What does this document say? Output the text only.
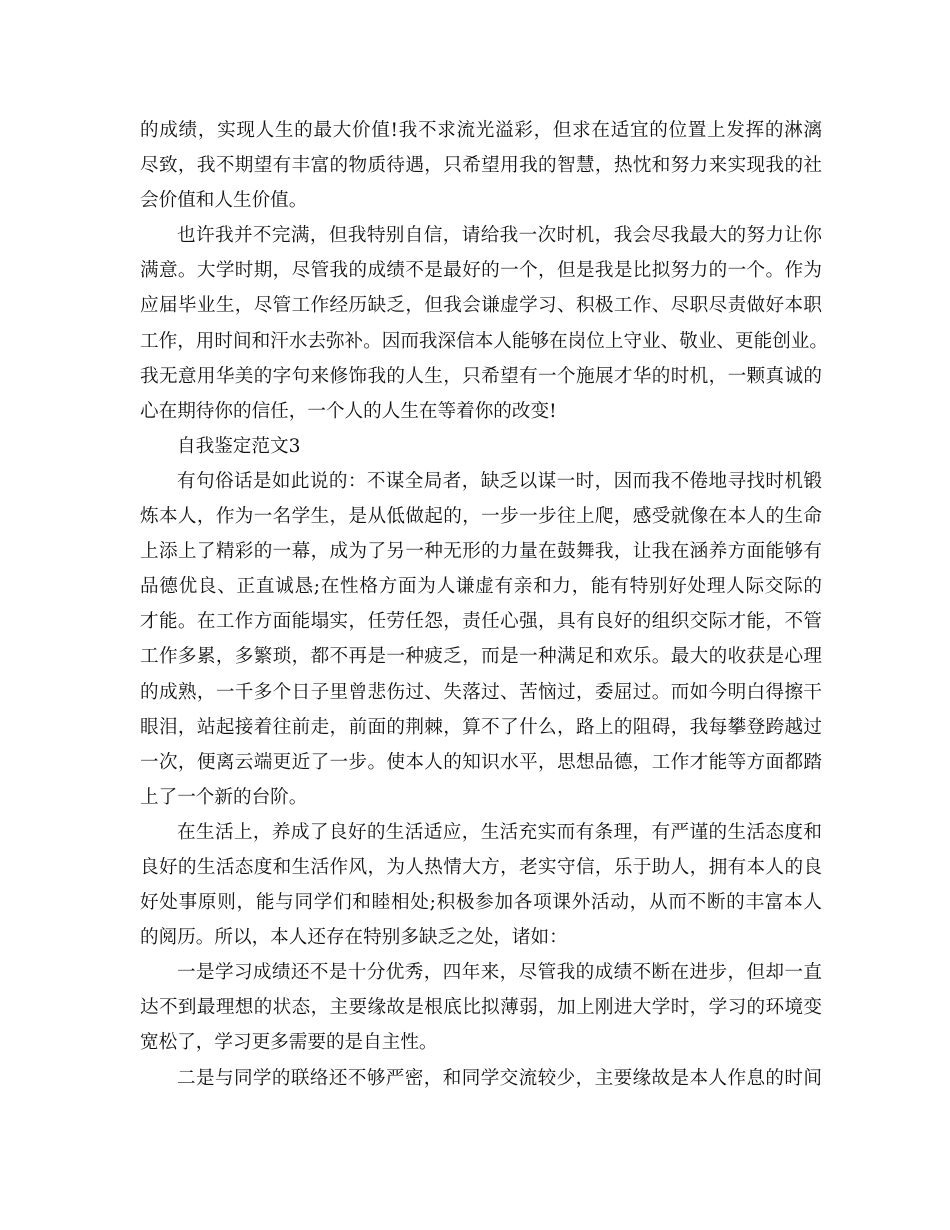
的成绩，实现人生的最大价值!我不求流光溢彩，但求在适宜的位置上发挥的淋漓
尽致，我不期望有丰富的物质待遇，只希望用我的智慧，热忱和努力来实现我的社
会价值和人生价值。
也许我并不完满，但我特别自信，请给我一次时机，我会尽我最大的努力让你
满意。大学时期，尽管我的成绩不是最好的一个，但是我是比拟努力的一个。作为
应届毕业生，尽管工作经历缺乏，但我会谦虚学习、积极工作、尽职尽责做好本职
工作，用时间和汗水去弥补。因而我深信本人能够在岗位上守业、敬业、更能创业。
我无意用华美的字句来修饰我的人生，只希望有一个施展才华的时机，一颗真诚的
心在期待你的信任，一个人的人生在等着你的改变!
自我鉴定范文3
有句俗话是如此说的：不谋全局者，缺乏以谋一时，因而我不倦地寻找时机锻
炼本人，作为一名学生，是从低做起的，一步一步往上爬，感受就像在本人的生命
上添上了精彩的一幕，成为了另一种无形的力量在鼓舞我，让我在涵养方面能够有
品德优良、正直诚恳;在性格方面为人谦虚有亲和力，能有特别好处理人际交际的
才能。在工作方面能塌实，任劳任怨，责任心强，具有良好的组织交际才能，不管
工作多累，多繁琐，都不再是一种疲乏，而是一种满足和欢乐。最大的收获是心理
的成熟，一千多个日子里曾悲伤过、失落过、苦恼过，委屈过。而如今明白得擦干
眼泪，站起接着往前走，前面的荆棘，算不了什么，路上的阻碍，我每攀登跨越过
一次，便离云端更近了一步。使本人的知识水平，思想品德，工作才能等方面都踏
上了一个新的台阶。
在生活上，养成了良好的生活适应，生活充实而有条理，有严谨的生活态度和
良好的生活态度和生活作风，为人热情大方，老实守信，乐于助人，拥有本人的良
好处事原则，能与同学们和睦相处;积极参加各项课外活动，从而不断的丰富本人
的阅历。所以，本人还存在特别多缺乏之处，诸如：
一是学习成绩还不是十分优秀，四年来，尽管我的成绩不断在进步，但却一直
达不到最理想的状态，主要缘故是根底比拟薄弱，加上刚进大学时，学习的环境变
宽松了，学习更多需要的是自主性。
二是与同学的联络还不够严密，和同学交流较少，主要缘故是本人作息的时间
